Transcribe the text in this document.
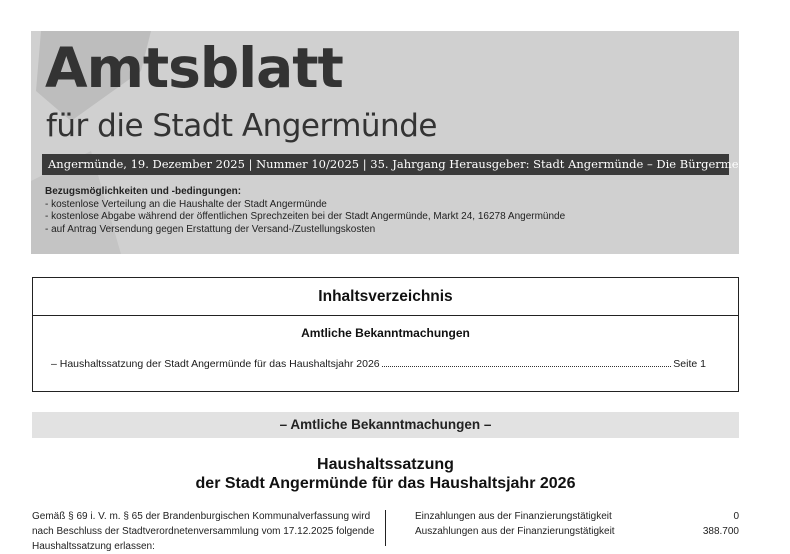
Amtsblatt
für die Stadt Angermünde
Angermünde, 19. Dezember 2025 | Nummer 10/2025 | 35. Jahrgang Herausgeber: Stadt Angermünde – Die Bürgermeisterin
Bezugsmöglichkeiten und -bedingungen:
- kostenlose Verteilung an die Haushalte der Stadt Angermünde
- kostenlose Abgabe während der öffentlichen Sprechzeiten bei der Stadt Angermünde, Markt 24, 16278 Angermünde
- auf Antrag Versendung gegen Erstattung der Versand-/Zustellungskosten
Inhaltsverzeichnis
Amtliche Bekanntmachungen
– Haushaltssatzung der Stadt Angermünde für das Haushaltsjahr 2026	Seite 1
– Amtliche Bekanntmachungen –
Haushaltssatzung
der Stadt Angermünde für das Haushaltsjahr 2026
Gemäß § 69 i. V. m. § 65 der Brandenburgischen Kommunalverfassung wird
nach Beschluss der Stadtverordnetenversammlung vom 17.12.2025 folgende
Haushaltssatzung erlassen:
Einzahlungen aus der Finanzierungstätigkeit	0
Auszahlungen aus der Finanzierungstätigkeit	388.700
